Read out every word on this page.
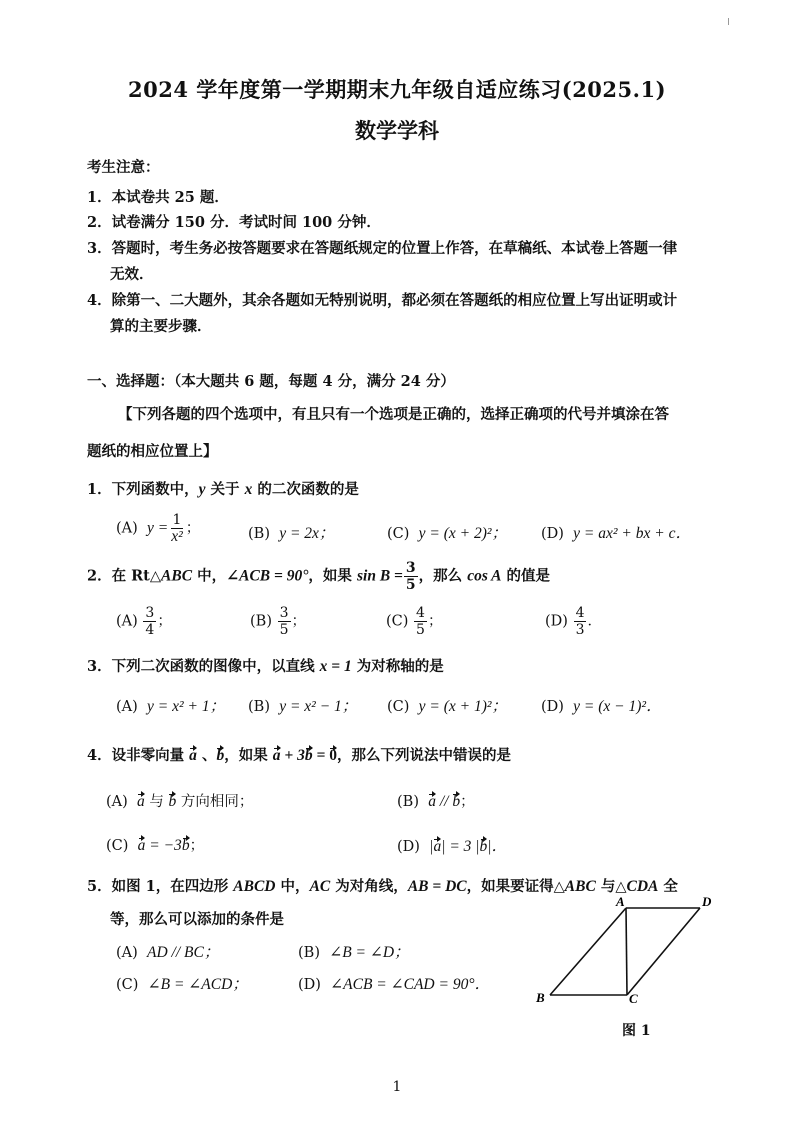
2024 学年度第一学期期末九年级自适应练习(2025.1)
数学学科
考生注意：
1．本试卷共 25 题．
2．试卷满分 150 分．考试时间 100 分钟．
3．答题时，考生务必按答题要求在答题纸规定的位置上作答，在草稿纸、本试卷上答题一律
无效．
4．除第一、二大题外，其余各题如无特别说明，都必须在答题纸的相应位置上写出证明或计
算的主要步骤．
一、选择题：（本大题共 6 题，每题 4 分，满分 24 分）
【下列各题的四个选项中，有且只有一个选项是正确的，选择正确项的代号并填涂在答
题纸的相应位置上】
1．下列函数中，y 关于 x 的二次函数的是
(A) $y = \frac{1}{\text{x²}}$ ；	(B) y = 2x；	(C) y = (x + 2)²； (D) y = ax² + bx + c．
2．在 Rt△ABC 中，∠ACB = 90°，如果 $\sin B = \frac{3}{5}$ ，那么 cos A 的值是
$(A) \frac{3}{4}$ ；	$(B) \frac{3}{5}$ ；	$(C) \frac{4}{5}$ ；	$(D) \frac{4}{3}$ ．
3．下列二次函数的图像中，以直线 x = 1 为对称轴的是
(A) y = x² + 1； (B) y = x² − 1； (C) y = (x + 1)²； (D) y = (x − 1)²．
4．设非零向量 a 、b，如果 a + 3b = 0，那么下列说法中错误的是
(A) a 与 b 方向相同；	(B) a // b；
(C) a = −3b；	(D) |a| = 3 |b|．
5．如图 1，在四边形 ABCD 中，AC 为对角线，AB = DC，如果要证得△ABC 与△CDA 全
等，那么可以添加的条件是
(A) AD // BC；	(B) ∠B = ∠D；
(C) ∠B = ∠ACD；	(D) ∠ACB = ∠CAD = 90°．
A	D
B	C
图 1
1
